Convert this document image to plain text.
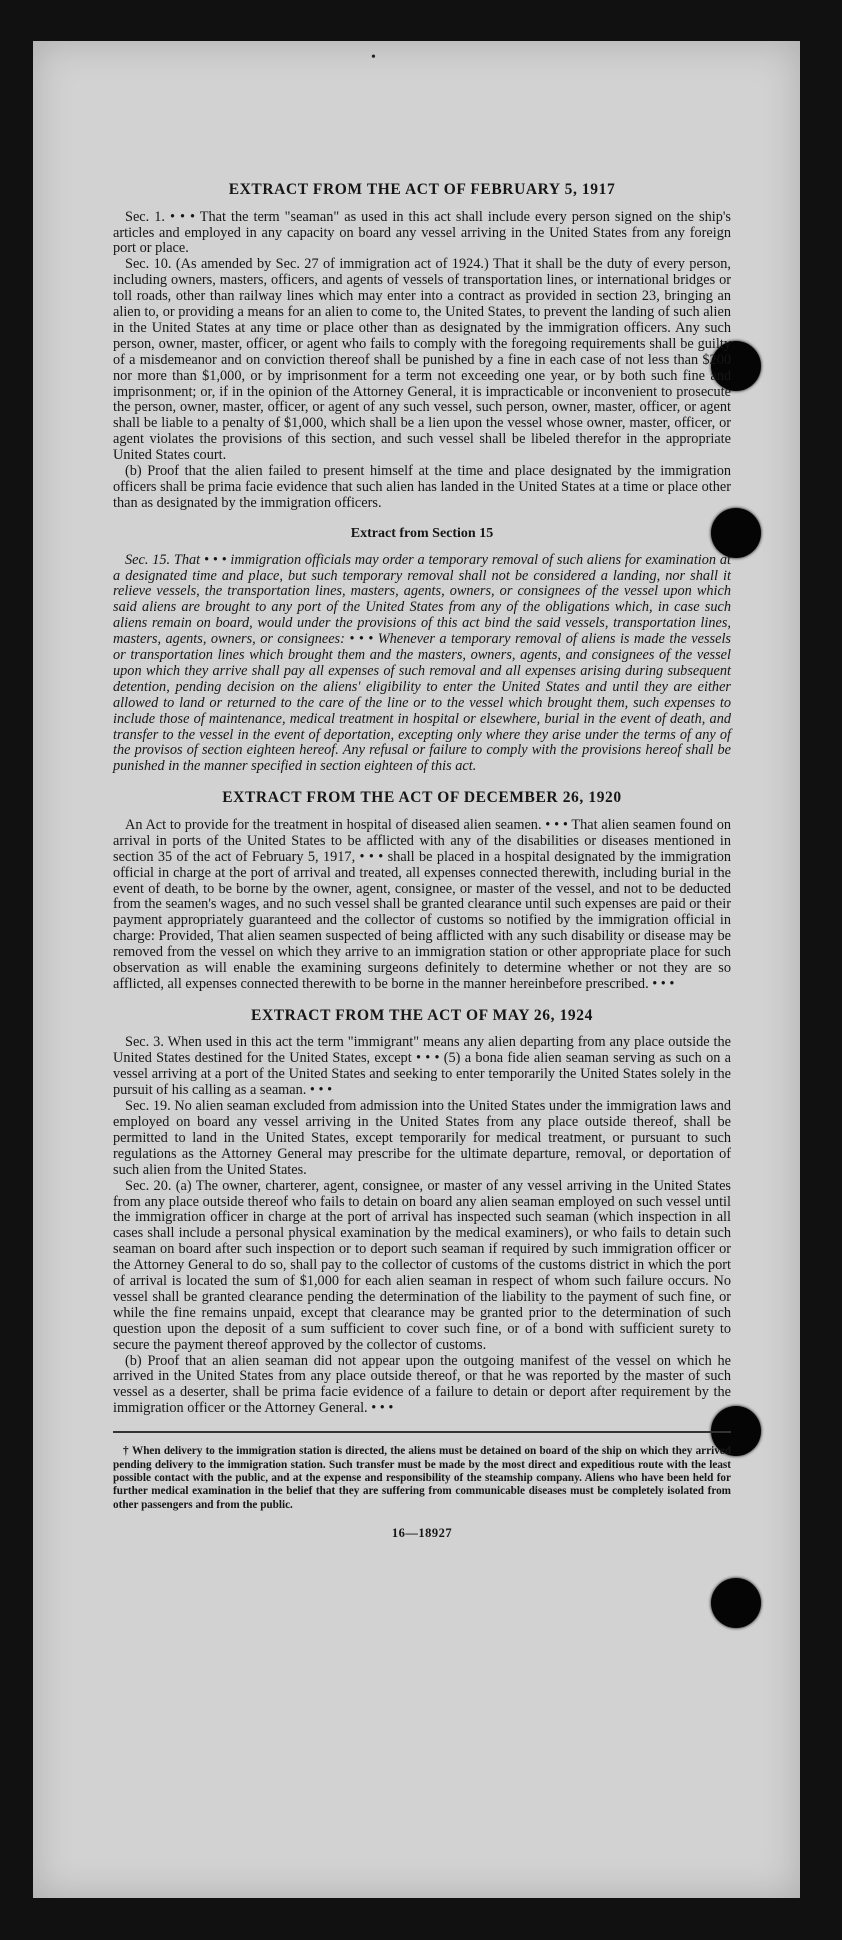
•
EXTRACT FROM THE ACT OF FEBRUARY 5, 1917

Sec. 1. • • • That the term "seaman" as used in this act shall include every person signed on the ship's articles and employed in any capacity on board any vessel arriving in the United States from any foreign port or place.

Sec. 10. (As amended by Sec. 27 of immigration act of 1924.) That it shall be the duty of every person, including owners, masters, officers, and agents of vessels of transportation lines, or international bridges or toll roads, other than railway lines which may enter into a contract as provided in section 23, bringing an alien to, or providing a means for an alien to come to, the United States, to prevent the landing of such alien in the United States at any time or place other than as designated by the immigration officers. Any such person, owner, master, officer, or agent who fails to comply with the foregoing requirements shall be guilty of a misdemeanor and on conviction thereof shall be punished by a fine in each case of not less than $200 nor more than $1,000, or by imprisonment for a term not exceeding one year, or by both such fine and imprisonment; or, if in the opinion of the Attorney General, it is impracticable or inconvenient to prosecute the person, owner, master, officer, or agent of any such vessel, such person, owner, master, officer, or agent shall be liable to a penalty of $1,000, which shall be a lien upon the vessel whose owner, master, officer, or agent violates the provisions of this section, and such vessel shall be libeled therefor in the appropriate United States court.

(b) Proof that the alien failed to present himself at the time and place designated by the immigration officers shall be prima facie evidence that such alien has landed in the United States at a time or place other than as designated by the immigration officers.

Extract from Section 15

Sec. 15. That • • • immigration officials may order a temporary removal of such aliens for examination at a designated time and place, but such temporary removal shall not be considered a landing, nor shall it relieve vessels, the transportation lines, masters, agents, owners, or consignees of the vessel upon which said aliens are brought to any port of the United States from any of the obligations which, in case such aliens remain on board, would under the provisions of this act bind the said vessels, transportation lines, masters, agents, owners, or consignees: • • • Whenever a temporary removal of aliens is made the vessels or transportation lines which brought them and the masters, owners, agents, and consignees of the vessel upon which they arrive shall pay all expenses of such removal and all expenses arising during subsequent detention, pending decision on the aliens' eligibility to enter the United States and until they are either allowed to land or returned to the care of the line or to the vessel which brought them, such expenses to include those of maintenance, medical treatment in hospital or elsewhere, burial in the event of death, and transfer to the vessel in the event of deportation, excepting only where they arise under the terms of any of the provisos of section eighteen hereof. Any refusal or failure to comply with the provisions hereof shall be punished in the manner specified in section eighteen of this act.

EXTRACT FROM THE ACT OF DECEMBER 26, 1920

An Act to provide for the treatment in hospital of diseased alien seamen. • • • That alien seamen found on arrival in ports of the United States to be afflicted with any of the disabilities or diseases mentioned in section 35 of the act of February 5, 1917, • • • shall be placed in a hospital designated by the immigration official in charge at the port of arrival and treated, all expenses connected therewith, including burial in the event of death, to be borne by the owner, agent, consignee, or master of the vessel, and not to be deducted from the seamen's wages, and no such vessel shall be granted clearance until such expenses are paid or their payment appropriately guaranteed and the collector of customs so notified by the immigration official in charge: Provided, That alien seamen suspected of being afflicted with any such disability or disease may be removed from the vessel on which they arrive to an immigration station or other appropriate place for such observation as will enable the examining surgeons definitely to determine whether or not they are so afflicted, all expenses connected therewith to be borne in the manner hereinbefore prescribed. • • •

EXTRACT FROM THE ACT OF MAY 26, 1924

Sec. 3. When used in this act the term "immigrant" means any alien departing from any place outside the United States destined for the United States, except • • • (5) a bona fide alien seaman serving as such on a vessel arriving at a port of the United States and seeking to enter temporarily the United States solely in the pursuit of his calling as a seaman. • • •

Sec. 19. No alien seaman excluded from admission into the United States under the immigration laws and employed on board any vessel arriving in the United States from any place outside thereof, shall be permitted to land in the United States, except temporarily for medical treatment, or pursuant to such regulations as the Attorney General may prescribe for the ultimate departure, removal, or deportation of such alien from the United States.

Sec. 20. (a) The owner, charterer, agent, consignee, or master of any vessel arriving in the United States from any place outside thereof who fails to detain on board any alien seaman employed on such vessel until the immigration officer in charge at the port of arrival has inspected such seaman (which inspection in all cases shall include a personal physical examination by the medical examiners), or who fails to detain such seaman on board after such inspection or to deport such seaman if required by such immigration officer or the Attorney General to do so, shall pay to the collector of customs of the customs district in which the port of arrival is located the sum of $1,000 for each alien seaman in respect of whom such failure occurs. No vessel shall be granted clearance pending the determination of the liability to the payment of such fine, or while the fine remains unpaid, except that clearance may be granted prior to the determination of such question upon the deposit of a sum sufficient to cover such fine, or of a bond with sufficient surety to secure the payment thereof approved by the collector of customs.

(b) Proof that an alien seaman did not appear upon the outgoing manifest of the vessel on which he arrived in the United States from any place outside thereof, or that he was reported by the master of such vessel as a deserter, shall be prima facie evidence of a failure to detain or deport after requirement by the immigration officer or the Attorney General. • • •

† When delivery to the immigration station is directed, the aliens must be detained on board of the ship on which they arrived pending delivery to the immigration station. Such transfer must be made by the most direct and expeditious route with the least possible contact with the public, and at the expense and responsibility of the steamship company. Aliens who have been held for further medical examination in the belief that they are suffering from communicable diseases must be completely isolated from other passengers and from the public.

16—18927
